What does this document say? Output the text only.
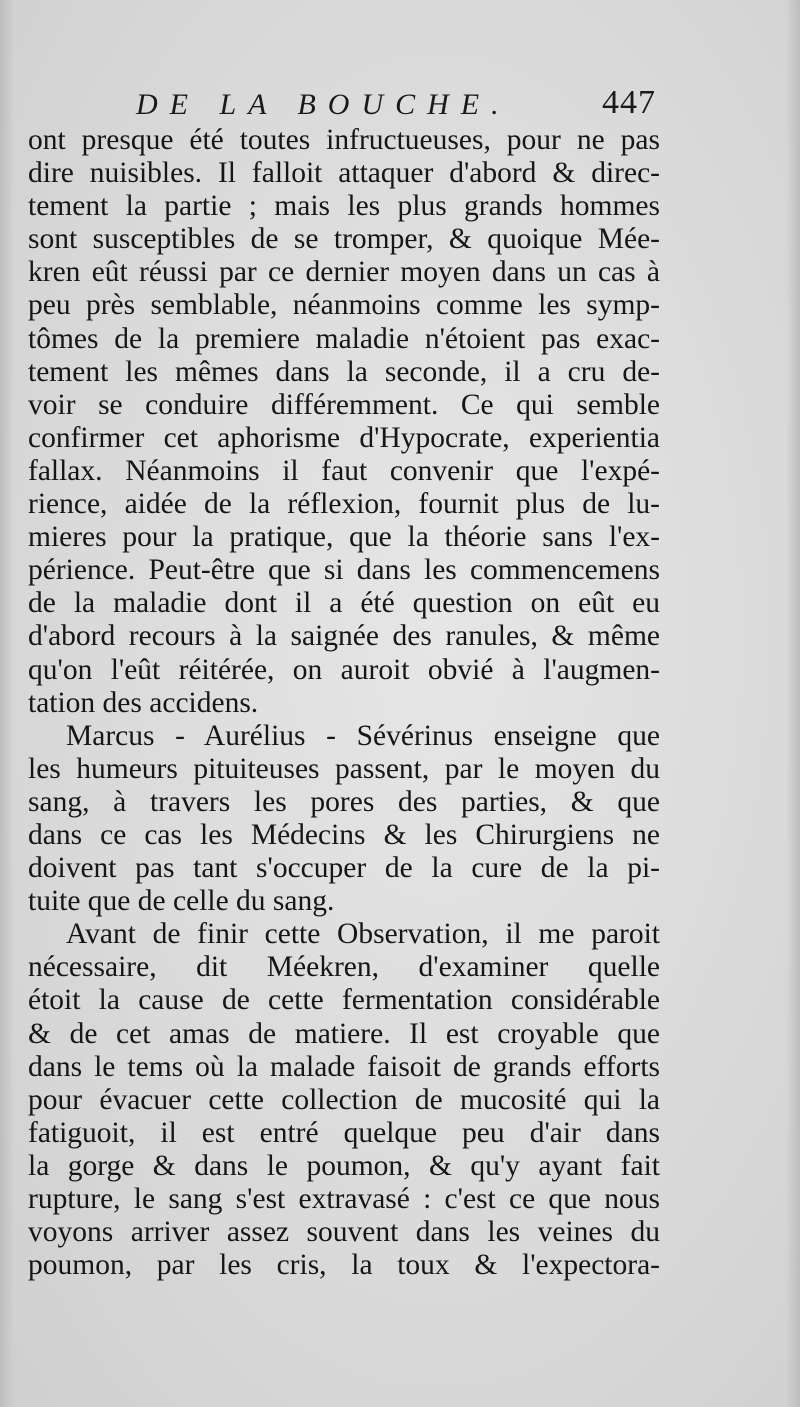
DE LA BOUCHE.	447
ont presque été toutes infructueuses, pour ne pas
dire nuisibles. Il falloit attaquer d'abord & direc-
tement la partie ; mais les plus grands hommes
sont susceptibles de se tromper, & quoique Mée-
kren eût réussi par ce dernier moyen dans un cas à
peu près semblable, néanmoins comme les symp-
tômes de la premiere maladie n'étoient pas exac-
tement les mêmes dans la seconde, il a cru de-
voir se conduire différemment. Ce qui semble
confirmer cet aphorisme d'Hypocrate, experientia
fallax. Néanmoins il faut convenir que l'expé-
rience, aidée de la réflexion, fournit plus de lu-
mieres pour la pratique, que la théorie sans l'ex-
périence. Peut-être que si dans les commencemens
de la maladie dont il a été question on eût eu
d'abord recours à la saignée des ranules, & même
qu'on l'eût réitérée, on auroit obvié à l'augmen-
tation des accidens.
Marcus - Aurélius - Sévérinus enseigne que
les humeurs pituiteuses passent, par le moyen du
sang, à travers les pores des parties, & que
dans ce cas les Médecins & les Chirurgiens ne
doivent pas tant s'occuper de la cure de la pi-
tuite que de celle du sang.
Avant de finir cette Observation, il me paroit
nécessaire, dit Méekren, d'examiner quelle
étoit la cause de cette fermentation considérable
& de cet amas de matiere. Il est croyable que
dans le tems où la malade faisoit de grands efforts
pour évacuer cette collection de mucosité qui la
fatiguoit, il est entré quelque peu d'air dans
la gorge & dans le poumon, & qu'y ayant fait
rupture, le sang s'est extravasé : c'est ce que nous
voyons arriver assez souvent dans les veines du
poumon, par les cris, la toux & l'expectora-
